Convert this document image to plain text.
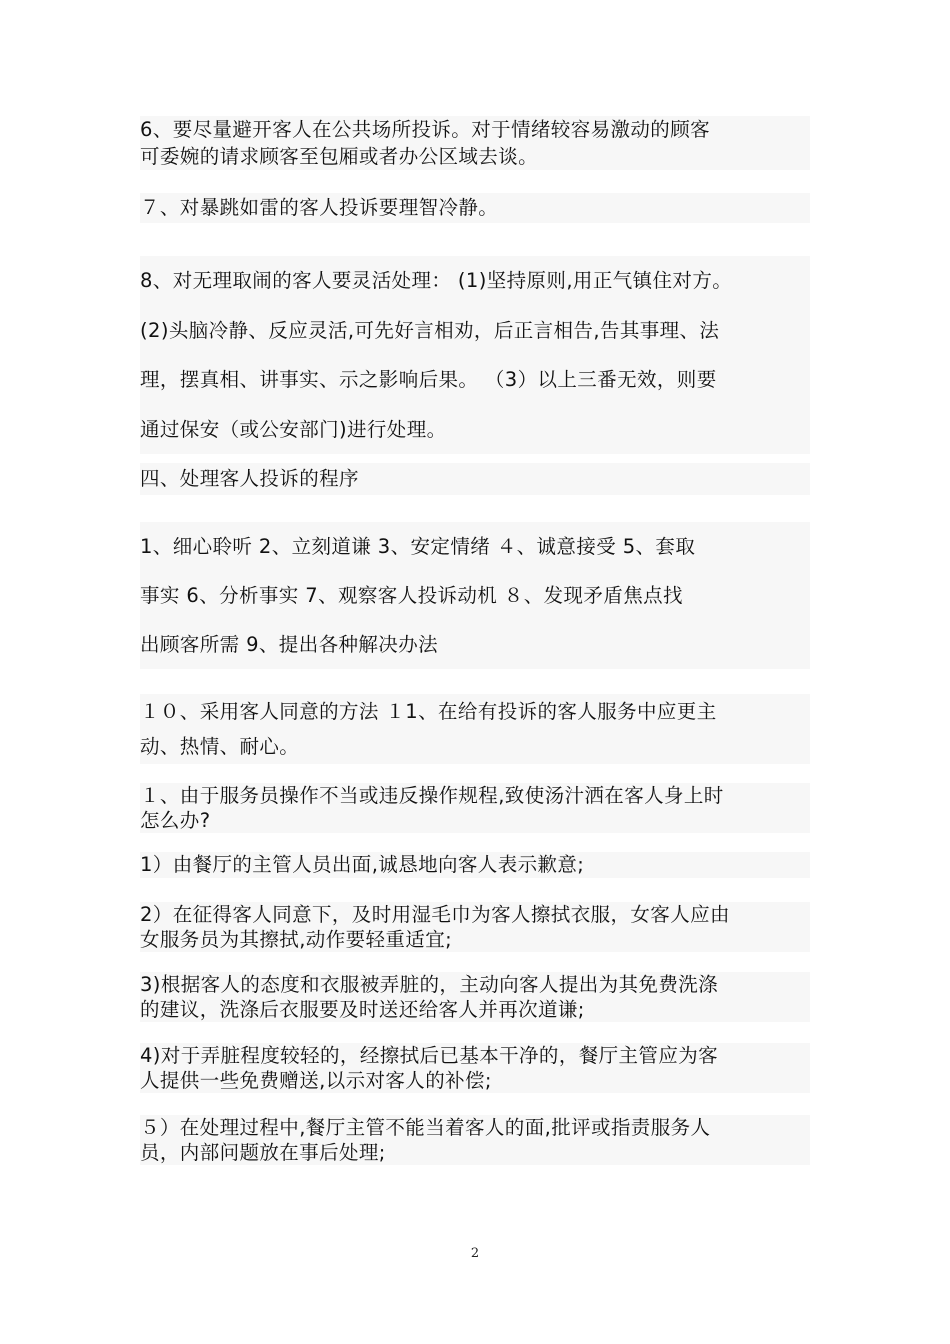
6、要尽量避开客人在公共场所投诉。对于情绪较容易激动的顾客
可委婉的请求顾客至包厢或者办公区域去谈。
７、对暴跳如雷的客人投诉要理智冷静。
8、对无理取闹的客人要灵活处理： (1)坚持原则,用正气镇住对方。
(2)头脑冷静、反应灵活,可先好言相劝，后正言相告,告其事理、法
理，摆真相、讲事实、示之影响后果。 （3）以上三番无效，则要
通过保安（或公安部门)进行处理。
四、处理客人投诉的程序
1、细心聆听 2、立刻道谦 3、安定情绪 ４、诚意接受 5、套取
事实 6、分析事实 7、观察客人投诉动机 ８、发现矛盾焦点找
出顾客所需 9、提出各种解决办法
１０、采用客人同意的方法 １1、在给有投诉的客人服务中应更主
动、热情、耐心。
１、由于服务员操作不当或违反操作规程,致使汤汁洒在客人身上时
怎么办?
1）由餐厅的主管人员出面,诚恳地向客人表示歉意;
2）在征得客人同意下，及时用湿毛巾为客人擦拭衣服，女客人应由
女服务员为其擦拭,动作要轻重适宜;
3)根据客人的态度和衣服被弄脏的，主动向客人提出为其免费洗涤
的建议，洗涤后衣服要及时送还给客人并再次道谦;
4)对于弄脏程度较轻的，经擦拭后已基本干净的，餐厅主管应为客
人提供一些免费赠送,以示对客人的补偿;
５）在处理过程中,餐厅主管不能当着客人的面,批评或指责服务人
员，内部问题放在事后处理;
2
